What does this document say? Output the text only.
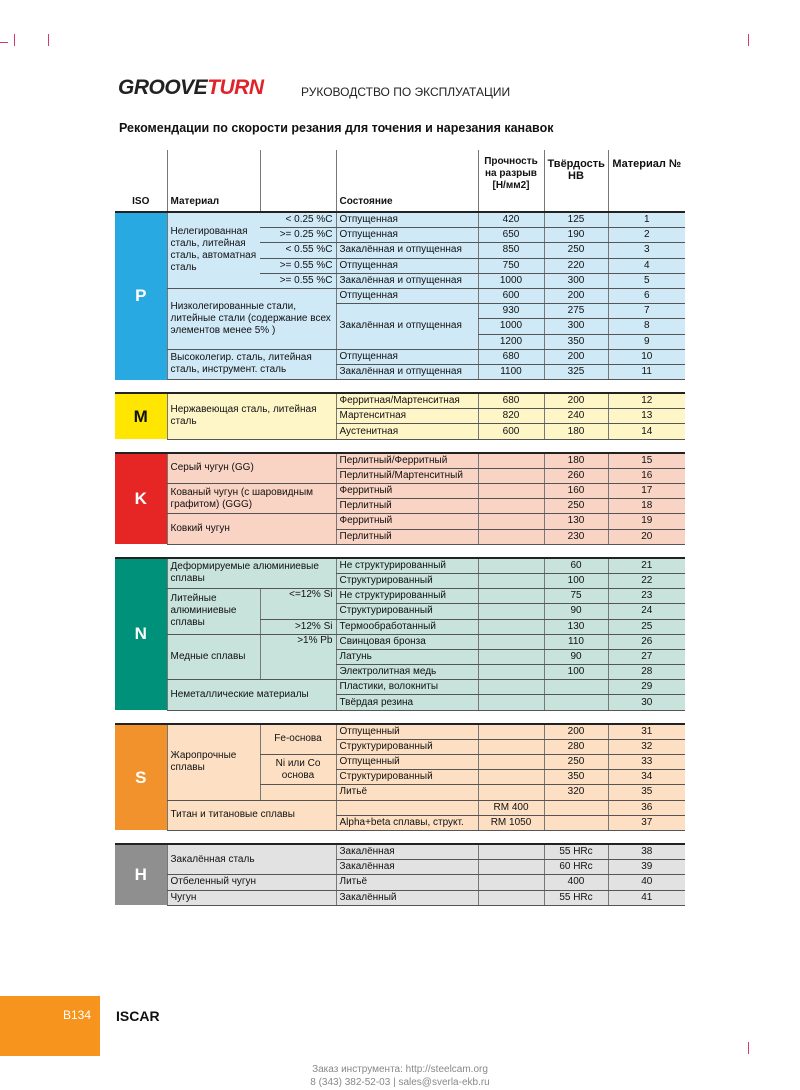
GROOVETURN	РУКОВОДСТВО ПО ЭКСПЛУАТАЦИИ
Рекомендации по скорости резания для точения и нарезания канавок
ISO	Материал		Состояние	Прочность на разрыв [Н/мм2]	Твёрдость HB	Материал №
P	Нелегированная сталь, литейная сталь, автоматная сталь	< 0.25 %C	Отпущенная	420	125	1
		>= 0.25 %C	Отпущенная	650	190	2
		< 0.55 %C	Закалённая и отпущенная	850	250	3
		>= 0.55 %C	Отпущенная	750	220	4
		>= 0.55 %C	Закалённая и отпущенная	1000	300	5
	Низколегированные стали, литейные стали (содержание всех элементов менее 5% )		Отпущенная	600	200	6
			Закалённая и отпущенная	930	275	7
				1000	300	8
				1200	350	9
	Высоколегир. сталь, литейная сталь, инструмент. сталь		Отпущенная	680	200	10
			Закалённая и отпущенная	1100	325	11

M	Нержавеющая сталь, литейная сталь		Ферритная/Мартенситная	680	200	12
			Мартенситная	820	240	13
			Аустенитная	600	180	14

K	Серый чугун (GG)		Перлитный/Ферритный		180	15
			Перлитный/Мартенситный		260	16
	Кованый чугун (с шаровидным графитом) (GGG)		Ферритный		160	17
			Перлитный		250	18
	Ковкий чугун		Ферритный		130	19
			Перлитный		230	20

N	Деформируемые алюминиевые сплавы		Не структурированный		60	21
			Структурированный		100	22
	Литейные алюминиевые сплавы	<=12% Si	Не структурированный		75	23
			Структурированный		90	24
		>12% Si	Термообработанный		130	25
	Медные сплавы	>1% Pb	Свинцовая бронза		110	26
			Латунь		90	27
			Электролитная медь		100	28
	Неметаллические материалы		Пластики, волокниты			29
			Твёрдая резина			30

S	Жаропрочные сплавы	Fe-основа	Отпущенный		200	31
			Структурированный		280	32
		Ni или Co основа	Отпущенный		250	33
			Структурированный		350	34
			Литьё		320	35
	Титан и титановые сплавы			RM 400		36
			Alpha+beta сплавы, структ.	RM 1050		37

H	Закалённая сталь		Закалённая		55 HRc	38
			Закалённая		60 HRc	39
	Отбеленный чугун		Литьё		400	40
	Чугун		Закалённый		55 HRc	41
B134 ISCAR
Заказ инструмента: http://steelcam.org
8 (343) 382-52-03 | sales@sverla-ekb.ru
